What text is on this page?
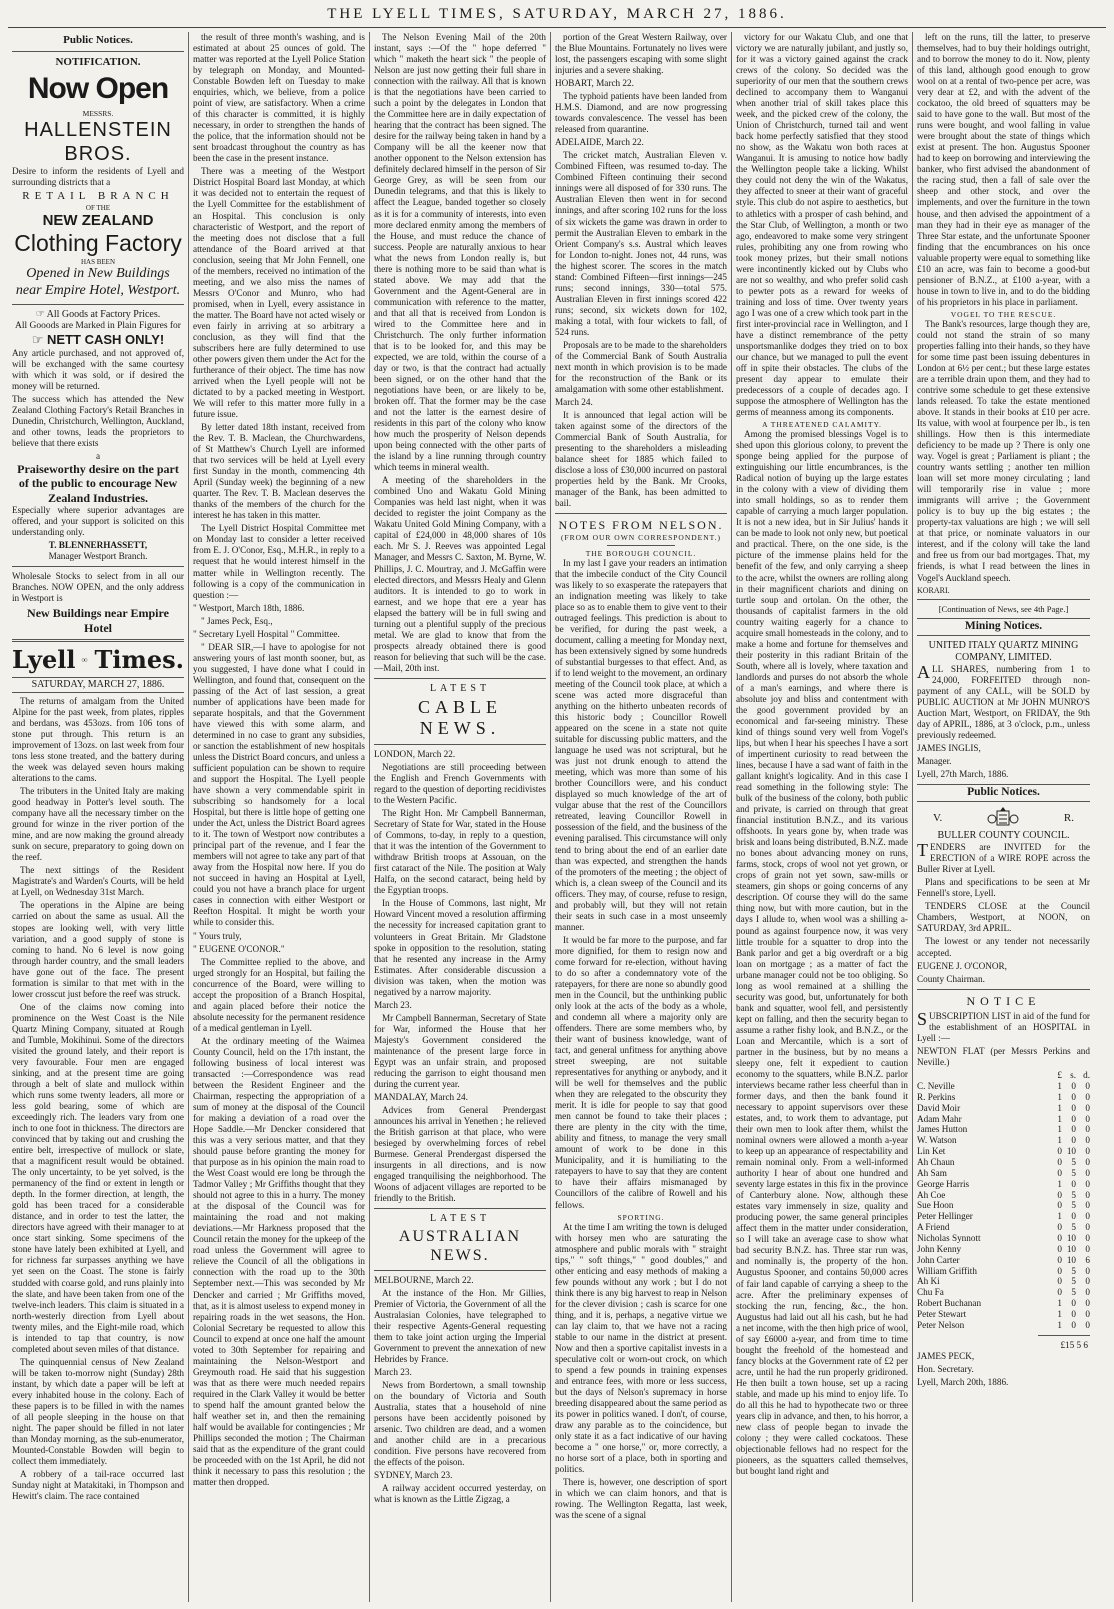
THE LYELL TIMES, SATURDAY, MARCH 27, 1886.
Public Notices.
NOTIFICATION.
Now Open
MESSRS.
HALLENSTEIN BROS.

Desire to inform the residents of Lyell and surrounding districts that a

RETAIL BRANCH
OF THE
NEW ZEALAND
Clothing Factory
HAS BEEN
Opened in New Buildings near Empire Hotel, Westport.
☞ All Goods at Factory Prices.
All Gooods are Marked in Plain Figures for
☞ NETT CASH ONLY!

Any article purchased, and not approved of, will be exchanged with the same courtesy with which it was sold, or if desired the money will be returned.

The success which has attended the New Zealand Clothing Factory's Retail Branches in Dunedin, Christchurch, Wellington, Auckland, and other towns, leads the proprietors to believe that there exists

a
Praiseworthy desire on the part of the public to encourage New Zealand Industries.

Especially where superior advantages are offered, and your support is solicited on this understanding only.

T. BLENNERHASSETT,
Manager Westport Branch.

Wholesale Stocks to select from in all our Branches. NOW OPEN, and the only address in Westport is

New Buildings near Empire Hotel
Lyell Times.
SATURDAY, MARCH 27, 1886.

The returns of amalgam from the United Alpine for the past week, from plates, ripples and berdans, was 453ozs. from 106 tons of stone put through. This return is an improvement of 13ozs. on last week from four tons less stone treated, and the battery during the week was delayed seven hours making alterations to the cams.

The tributers in the United Italy are making good headway in Potter's level south. The company have all the necessary timber on the ground for winze in the river portion of the mine, and are now making the ground already sunk on secure, preparatory to going down on the reef.

The next sittings of the Resident Magistrate's and Warden's Courts, will be held at Lyell, on Wednesday 31st March.

The operations in the Alpine are being carried on about the same as usual. All the stopes are looking well, with very little variation, and a good supply of stone is coming to hand. No 6 level is now going through harder country, and the small leaders have gone out of the face. The present formation is similar to that met with in the lower crosscut just before the reef was struck.

One of the claims now coming into prominence on the West Coast is the Nile Quartz Mining Company, situated at Rough and Tumble, Mokihinui. Some of the directors visited the ground lately, and their report is very favourable. Four men are engaged sinking, and at the present time are going through a belt of slate and mullock within which runs some twenty leaders, all more or less gold bearing, some of which are exceedingly rich. The leaders vary from one inch to one foot in thickness. The directors are convinced that by taking out and crushing the entire belt, irrespective of mullock or slate, that a magnificent result would be obtained. The only uncertainty, to be yet solved, is the permanency of the find or extent in length or depth. In the former direction, at length, the gold has been traced for a considerable distance, and in order to test the latter, the directors have agreed with their manager to at once start sinking. Some specimens of the stone have lately been exhibited at Lyell, and for richness far surpasses anything we have yet seen on the Coast. The stone is fairly studded with coarse gold, and runs plainly into the slate, and have been taken from one of the twelve-inch leaders. This claim is situated in a north-westerly direction from Lyell about twenty miles, and the Eight-mile road, which is intended to tap that country, is now completed about seven miles of that distance.

The quinquennial census of New Zealand will be taken to-morrow night (Sunday) 28th instant, by which date a paper will be left at every inhabited house in the colony. Each of these papers is to be filled in with the names of all people sleeping in the house on that night. The paper should be filled in not later than Monday morning, as the sub-enumerator, Mounted-Constable Bowden will begin to collect them immediately.

A robbery of a tail-race occurred last Sunday night at Matakitaki, in Thompson and Hewitt's claim. The race contained

the result of three month's washing, and is estimated at about 25 ounces of gold. The matter was reported at the Lyell Police Station by telegraph on Monday, and Mounted-Constable Bowden left on Tuesday to make enquiries, which, we believe, from a police point of view, are satisfactory. When a crime of this character is committed, it is highly necessary, in order to strengthen the hands of the police, that the information should not be sent broadcast throughout the country as has been the case in the present instance.

There was a meeting of the Westport District Hospital Board last Monday, at which it was decided not to entertain the request of the Lyell Committee for the establishment of an Hospital. This conclusion is only characteristic of Westport, and the report of the meeting does not disclose that a full attendance of the Board arrived at that conclusion, seeing that Mr John Fennell, one of the members, received no intimation of the meeting, and we also miss the names of Messrs O'Conor and Munro, who had promised, when in Lyell, every assistance in the matter. The Board have not acted wisely or even fairly in arriving at so arbitrary a conclusion, as they will find that the subscribers here are fully determined to use other powers given them under the Act for the furtherance of their object. The time has now arrived when the Lyell people will not be dictated to by a packed meeting in Westport. We will refer to this matter more fully in a future issue.

By letter dated 18th instant, received from the Rev. T. B. Maclean, the Churchwardens, of St Matthew's Church Lyell are informed that two services will be held at Lyell every first Sunday in the month, commencing 4th April (Sunday week) the beginning of a new quarter. The Rev. T. B. Maclean deserves the thanks of the members of the church for the interest he has taken in this matter.

The Lyell District Hospital Committee met on Monday last to consider a letter received from E. J. O'Conor, Esq., M.H.R., in reply to a request that he would interest himself in the matter while in Wellington recently. The following is a copy of the communication in question :—

" Westport, March 18th, 1886.

" James Peck, Esq.,

" Secretary Lyell Hospital " Committee.

" DEAR SIR,—I have to apologise for not answering yours of last month sooner, but, as you suggested, I have done what I could in Wellington, and found that, consequent on the passing of the Act of last session, a great number of applications have been made for separate hospitals, and that the Government have viewed this with some alarm, and determined in no case to grant any subsidies, or sanction the establishment of new hospitals unless the District Board concurs, and unless a sufficient population can be shown to require and support the Hospital. The Lyell people have shown a very commendable spirit in subscribing so handsomely for a local Hospital, but there is little hope of getting one under the Act, unless the District Board agrees to it. The town of Westport now contributes a principal part of the revenue, and I fear the members will not agree to take any part of that away from the Hospital now here. If you do not succeed in having an Hospital at Lyell, could you not have a branch place for urgent cases in connection with either Westport or Reefton Hospital. It might be worth your while to consider this.

" Yours truly,

" EUGENE O'CONOR."

The Committee replied to the above, and urged strongly for an Hospital, but failing the concurrence of the Board, were willing to accept the proposition of a Branch Hospital, and again placed before their notice the absolute necessity for the permanent residence of a medical gentleman in Lyell.

At the ordinary meeting of the Waimea County Council, held on the 17th instant, the following business of local interest was transacted :—Correspondence was read between the Resident Engineer and the Chairman, respecting the appropriation of a sum of money at the disposal of the Council for making a deviation of a road over the Hope Saddle.—Mr Dencker considered that this was a very serious matter, and that they should pause before granting the money for that purpose as in his opinion the main road to the West Coast would ere long be through the Tadmor Valley ; Mr Griffiths thought that they should not agree to this in a hurry. The money at the disposal of the Council was for maintaining the road and not making deviations.—Mr Harkness proposed that the Council retain the money for the upkeep of the road unless the Government will agree to relieve the Council of all the obligations in connection with the road up to the 30th September next.—This was seconded by Mr Dencker and carried ; Mr Griffiths moved, that, as it is almost useless to expend money in repairing roads in the wet seasons, the Hon. Colonial Secretary be requested to allow this Council to expend at once one half the amount voted to 30th September for repairing and maintaining the Nelson-Westport and Greymouth road. He said that his suggestion was that as there were much needed repairs required in the Clark Valley it would be better to spend half the amount granted below the half weather set in, and then the remaining half would be available for contingencies ; Mr Phillips seconded the motion ; The Chairman said that as the expenditure of the grant could be proceeded with on the 1st April, he did not think it necessary to pass this resolution ; the matter then dropped.

The Nelson Evening Mail of the 20th instant, says :—Of the " hope deferred " which " maketh the heart sick " the people of Nelson are just now getting their full share in connection with the railway. All that is known is that the negotiations have been carried to such a point by the delegates in London that the Committee here are in daily expectation of hearing that the contract has been signed. The desire for the railway being taken in hand by a Company will be all the keener now that another opponent to the Nelson extension has definitely declared himself in the person of Sir George Grey, as will be seen from our Dunedin telegrams, and that this is likely to affect the League, banded together so closely as it is for a community of interests, into even more declared enmity among the members of the House, and must reduce the chance of success. People are naturally anxious to hear what the news from London really is, but there is nothing more to be said than what is stated above. We may add that the Government and the Agent-General are in communication with reference to the matter, and that all that is received from London is wired to the Committee here and in Christchurch. The only further information that is to be looked for, and this may be expected, we are told, within the course of a day or two, is that the contract had actually been signed, or on the other hand that the negotiations have been, or are likely to be, broken off. That the former may be the case and not the latter is the earnest desire of residents in this part of the colony who know how much the prosperity of Nelson depends upon being connected with the other parts of the island by a line running through country which teems in mineral wealth.

A meeting of the shareholders in the combined Uno and Wakatu Gold Mining Companies was held last night, when it was decided to register the joint Company as the Wakatu United Gold Mining Company, with a capital of £24,000 in 48,000 shares of 10s each. Mr S. J. Reeves was appointed Legal Manager, and Messrs C. Saxton, M. Byrne, W. Phillips, J. C. Mourtray, and J. McGaffin were elected directors, and Messrs Healy and Glenn auditors. It is intended to go to work in earnest, and we hope that ere a year has elapsed the battery will be in full swing and turning out a plentiful supply of the precious metal. We are glad to know that from the prospects already obtained there is good reason for believing that such will be the case.—Mail, 20th inst.

LATEST
CABLE NEWS.

LONDON, March 22.

Negotiations are still proceeding between the English and French Governments with regard to the question of deporting recidivistes to the Western Pacific.

The Right Hon. Mr Campbell Bannerman, Secretary of State for War, stated in the House of Commons, to-day, in reply to a question, that it was the intention of the Government to withdraw British troops at Assouan, on the first cataract of the Nile. The position at Waly Halfa, on the second cataract, being held by the Egyptian troops.

In the House of Commons, last night, Mr Howard Vincent moved a resolution affirming the necessity for increased capitation grant to volunteers in Great Britain. Mr Gladstone spoke in opposition to the resolution, stating that he resented any increase in the Army Estimates. After considerable discussion a division was taken, when the motion was negatived by a narrow majority.

March 23.

Mr Campbell Bannerman, Secretary of State for War, informed the House that her Majesty's Government considered the maintenance of the present large force in Egypt was an unfair strain, and proposed reducing the garrison to eight thousand men during the current year.

MANDALAY, March 24.

Advices from General Prendergast announces his arrival in Yenethen ; he relieved the British garrison at that place, who were besieged by overwhelming forces of rebel Burmese. General Prendergast dispersed the insurgents in all directions, and is now engaged tranquilising the neighborhood. The Woons of adjacent villages are reported to be friendly to the British.

LATEST
AUSTRALIAN NEWS.

MELBOURNE, March 22.

At the instance of the Hon. Mr Gillies, Premier of Victoria, the Government of all the Australasian Colonies, have telegraphed to their respective Agents-General requesting them to take joint action urging the Imperial Government to prevent the annexation of new Hebrides by France.

March 23.

News from Bordertown, a small township on the boundary of Victoria and South Australia, states that a household of nine persons have been accidently poisoned by arsenic. Two children are dead, and a women and another child are in a precarious condition. Five persons have recovered from the effects of the poison.

SYDNEY, March 23.

A railway accident occurred yesterday, on what is known as the Little Zigzag, a

portion of the Great Western Railway, over the Blue Mountains. Fortunately no lives were lost, the passengers escaping with some slight injuries and a severe shaking.

HOBART, March 22.

The typhoid patients have been landed from H.M.S. Diamond, and are now progressing towards convalescence. The vessel has been released from quarantine.

ADELAIDE, March 22.

The cricket match, Australian Eleven v. Combined Fifteen, was resumed to-day. The Combined Fifteen continuing their second innings were all disposed of for 330 runs. The Australian Eleven then went in for second innings, and after scoring 102 runs for the loss of six wickets the game was drawn in order to permit the Australian Eleven to embark in the Orient Company's s.s. Austral which leaves for London to-night. Jones not, 44 runs, was the highest scorer. The scores in the match stand: Combined Fifteen—first innings—245 runs; second innings, 330—total 575. Australian Eleven in first innings scored 422 runs; second, six wickets down for 102, making a total, with four wickets to fall, of 524 runs.

Proposals are to be made to the shareholders of the Commercial Bank of South Australia next month in which provision is to be made for the reconstruction of the Bank or its amalgamation with some other establishment.

March 24.

It is announced that legal action will be taken against some of the directors of the Commercial Bank of South Australia, for presenting to the shareholders a misleading balance sheet for 1885 which failed to disclose a loss of £30,000 incurred on pastoral properties held by the Bank. Mr Crooks, manager of the Bank, has been admitted to bail.

NOTES FROM NELSON.
(FROM OUR OWN CORRESPONDENT.)
THE BOROUGH COUNCIL.

In my last I gave your readers an intimation that the imbecile conduct of the City Council was likely to so exasperate the ratepayers that an indignation meeting was likely to take place so as to enable them to give vent to their outraged feelings. This prediction is about to be verified, for during the past week, a document, calling a meeting for Monday next, has been extensively signed by some hundreds of substantial burgesses to that effect. And, as if to lend weight to the movement, an ordinary meeting of the Council took place, at which a scene was acted more disgraceful than anything on the hitherto unbeaten records of this historic body ; Councillor Rowell appeared on the scene in a state not quite suitable for discussing public matters, and the language he used was not scriptural, but he was just not drunk enough to attend the meeting, which was more than some of his brother Councillors were, and his conduct displayed so much knowledge of the art of vulgar abuse that the rest of the Councillors retreated, leaving Councillor Rowell in possession of the field, and the business of the evening paralised. This circumstance will only tend to bring about the end of an earlier date than was expected, and strengthen the hands of the promoters of the meeting ; the object of which is, a clean sweep of the Council and its officers. They may, of course, refuse to resign, and probably will, but they will not retain their seats in such case in a most unseemly manner.

It would be far more to the purpose, and far more dignified, for them to resign now and come forward for re-election, without having to do so after a condemnatory vote of the ratepayers, for there are none so abundly good men in the Council, but the unthinking public only look at the acts of the body as a whole, and condemn all where a majority only are offenders. There are some members who, by their want of business knowledge, want of tact, and general unfitness for anything above street sweeping, are not suitable representatives for anything or anybody, and it will be well for themselves and the public when they are relegated to the obscurity they merit. It is idle for people to say that good men cannot be found to take their places ; there are plenty in the city with the time, ability and fitness, to manage the very small amount of work to be done in this Municipality, and it is humiliating to the ratepayers to have to say that they are content to have their affairs mismanaged by Councillors of the calibre of Rowell and his fellows.

SPORTING.

At the time I am writing the town is deluged with horsey men who are saturating the atmosphere and public morals with " straight tips," " soft things," " good doubles," and other enticing and easy methods of making a few pounds without any work ; but I do not think there is any big harvest to reap in Nelson for the clever division ; cash is scarce for one thing, and it is, perhaps, a negative virtue we can lay claim to, that we have not a racing stable to our name in the district at present. Now and then a sportive capitalist invests in a speculative colt or worn-out crock, on which to spend a few pounds in training expenses and entrance fees, with more or less success, but the days of Nelson's supremacy in horse breeding disappeared about the same period as its power in politics waned. I don't, of course, draw any parable as to the coincidence, but only state it as a fact indicative of our having become a " one horse," or, more correctly, a no horse sort of a place, both in sporting and politics.

There is, however, one description of sport in which we can claim honors, and that is rowing. The Wellington Regatta, last week, was the scene of a signal

victory for our Wakatu Club, and one that victory we are naturally jubilant, and justly so, for it was a victory gained against the crack crews of the colony. So decided was the superiority of our men that the southern crews declined to accompany them to Wanganui when another trial of skill takes place this week, and the picked crew of the colony, the Union of Christchurch, turned tail and went back home perfectly satisfied that they stood no show, as the Wakatu won both races at Wanganui. It is amusing to notice how badly the Wellington people take a licking. Whilst they could not deny the win of the Wakatus, they affected to sneer at their want of graceful style. This club do not aspire to aesthetics, but to athletics with a prosper of cash behind, and the Star Club, of Wellington, a month or two ago, endeavored to make some very stringent rules, prohibiting any one from rowing who took money prizes, but their small notions were incontinently kicked out by Clubs who are not so wealthy, and who prefer solid cash to pewter pots as a reward for weeks of training and loss of time. Over twenty years ago I was one of a crew which took part in the first inter-provincial race in Wellington, and I have a distinct remembrance of the petty unsportsmanlike dodges they tried on to box our chance, but we managed to pull the event off in spite their obstacles. The clubs of the present day appear to emulate their predecessors of a couple of decades ago. I suppose the atmosphere of Wellington has the germs of meanness among its components.

A THREATENED CALAMITY.

Among the promised blessings Vogel is to shed upon this glorious colony, to prevent the sponge being applied for the purpose of extinguishing our little encumbrances, is the Radical notion of buying up the large estates in the colony with a view of dividing them into small holdings, so as to render them capable of carrying a much larger population. It is not a new idea, but in Sir Julius' hands it can be made to look not only new, but poetical and practical. There, on the one side, is the picture of the immense plains held for the benefit of the few, and only carrying a sheep to the acre, whilst the owners are rolling along in their magnificent chariots and dining on turtle soup and ortolan. On the other, the thousands of capitalist farmers in the old country waiting eagerly for a chance to acquire small homesteads in the colony, and to make a home and fortune for themselves and their posterity in this radiant Britain of the South, where all is lovely, where taxation and landlords and purses do not absorb the whole of a man's earnings, and where there is absolute joy and bliss and contentment with the good government provided by an economical and far-seeing ministry. These kind of things sound very well from Vogel's lips, but when I hear his speeches I have a sort of impertinent curiosity to read between the lines, because I have a sad want of faith in the gallant knight's logicality. And in this case I read something in the following style: The bulk of the business of the colony, both public and private, is carried on through that great financial institution B.N.Z., and its various offshoots. In years gone by, when trade was brisk and loans being distributed, B.N.Z. made no bones about advancing money on runs, farms, stock, crops of wool not yet grown, or crops of grain not yet sown, saw-mills or steamers, gin shops or going concerns of any description. Of course they will do the same thing now, but with more caution, but in the days I allude to, when wool was a shilling a-pound as against fourpence now, it was very little trouble for a squatter to drop into the Bank parlor and get a big overdraft or a big loan on mortgage ; as a matter of fact the urbane manager could not be too obliging. So long as wool remained at a shilling the security was good, but, unfortunately for both bank and squatter, wool fell, and persistently kept on falling, and then the security began to assume a rather fishy look, and B.N.Z., or the Loan and Mercantile, which is a sort of partner in the business, but by no means a sleepy one, felt it expedient to caution economy to the squatters, while B.N.Z. parlor interviews became rather less cheerful than in former days, and then the bank found it necessary to appoint supervisors over these estates, and, to work them to advantage, put their own men to look after them, whilst the nominal owners were allowed a month a-year to keep up an appearance of respectability and remain nominal only. From a well-informed authority I hear of about one hundred and seventy large estates in this fix in the province of Canterbury alone. Now, although these estates vary immensely in size, quality and producing power, the same general principles affect them in the matter under consideration, so I will take an average case to show what bad security B.N.Z. has. Three star run was, and nominally is, the property of the hon. Augustus Spooner, and contains 50,000 acres of fair land capable of carrying a sheep to the acre. After the preliminary expenses of stocking the run, fencing, &c., the hon. Augustus had laid out all his cash, but he had a net income, with the then high price of wool, of say £6000 a-year, and from time to time bought the freehold of the homestead and fancy blocks at the Government rate of £2 per acre, until he had the run properly gridironed. He then built a town house, set up a racing stable, and made up his mind to enjoy life. To do all this he had to hypothecate two or three years clip in advance, and then, to his horror, a new class of people began to invade the colony ; they were called cockatoos. These objectionable fellows had no respect for the pioneers, as the squatters called themselves, but bought land right and

left on the runs, till the latter, to preserve themselves, had to buy their holdings outright, and to borrow the money to do it. Now, plenty of this land, although good enough to grow wool on at a rental of two-pence per acre, was very dear at £2, and with the advent of the cockatoo, the old breed of squatters may be said to have gone to the wall. But most of the runs were bought, and wool falling in value were brought about the state of things which exist at present. The hon. Augustus Spooner had to keep on borrowing and interviewing the banker, who first advised the abandonment of the racing stud, then a fall of sale over the sheep and other stock, and over the implements, and over the furniture in the town house, and then advised the appointment of a man they had in their eye as manager of the Three Star estate, and the unfortunate Spooner finding that the encumbrances on his once valuable property were equal to something like £10 an acre, was fain to become a good-but pensioner of B.N.Z., at £100 a-year, with a house in town to live in, and to do the bidding of his proprietors in his place in parliament.

VOGEL TO THE RESCUE.

The Bank's resources, large though they are, could not stand the strain of so many properties falling into their hands, so they have for some time past been issuing debentures in London at 6½ per cent.; but these large estates are a terrible drain upon them, and they had to contrive some schedule to get these extensive lands released. To take the estate mentioned above. It stands in their books at £10 per acre. Its value, with wool at fourpence per lb., is ten shillings. How then is this intermediate deficiency to be made up ? There is only one way. Vogel is great ; Parliament is pliant ; the country wants settling ; another ten million loan will set more money circulating ; land will temporarily rise in value ; more immigrants will arrive ; the Government policy is to buy up the big estates ; the property-tax valuations are high ; we will sell at that price, or nominate valuators in our interest, and if the colony will take the land and free us from our bad mortgages. That, my friends, is what I read between the lines in Vogel's Auckland speech.

KORARI.

[Continuation of News, see 4th Page.]
Mining Notices.
UNITED ITALY QUARTZ MINING COMPANY, LIMITED.

ALL SHARES, numbering from 1 to 24,000, FORFEITED through non-payment of any CALL, will be SOLD by PUBLIC AUCTION at Mr JOHN MUNRO'S Auction Mart, Westport, on FRIDAY, the 9th day of APRIL, 1886, at 3 o'clock, p.m., unless previously redeemed.

JAMES INGLIS,

Manager.

Lyell, 27th March, 1886.

Public Notices.
V.	R.
BULLER COUNTY COUNCIL.

TENDERS are INVITED for the ERECTION of a WIRE ROPE across the Buller River at Lyell.

Plans and specifications to be seen at Mr Fennell's store, Lyell.

TENDERS CLOSE at the Council Chambers, Westport, at NOON, on SATURDAY, 3rd APRIL.

The lowest or any tender not necessarily accepted.

EUGENE J. O'CONOR,

County Chairman.

NOTICE

SUBSCRIPTION LIST in aid of the fund for the establishment of an HOSPITAL in Lyell :—

NEWTON FLAT (per Messrs Perkins and Neville.)

	£	s.	d.
C. Neville	1	0	0
R. Perkins	1	0	0
David Moir	1	0	0
Adam Mahr	1	0	0
James Hutton	1	0	0
W. Watson	1	0	0
Lin Ket	0	10	0
Ah Chaun	0	5	0
Ah Sam	0	5	0
George Harris	1	0	0
Ah Coe	0	5	0
Sue Hoon	0	5	0
Peter Hellinger	1	0	0
A Friend	0	5	0
Nicholas Synnott	0	10	0
John Kenny	0	10	0
John Carter	0	10	6
William Griffith	0	5	0
Ah Ki	0	5	0
Chu Fa	0	5	0
Robert Buchanan	1	0	0
Peter Stewart	1	0	0
Peter Nelson	1	0	0
£15 5 6

JAMES PECK,

Hon. Secretary.

Lyell, March 20th, 1886.
